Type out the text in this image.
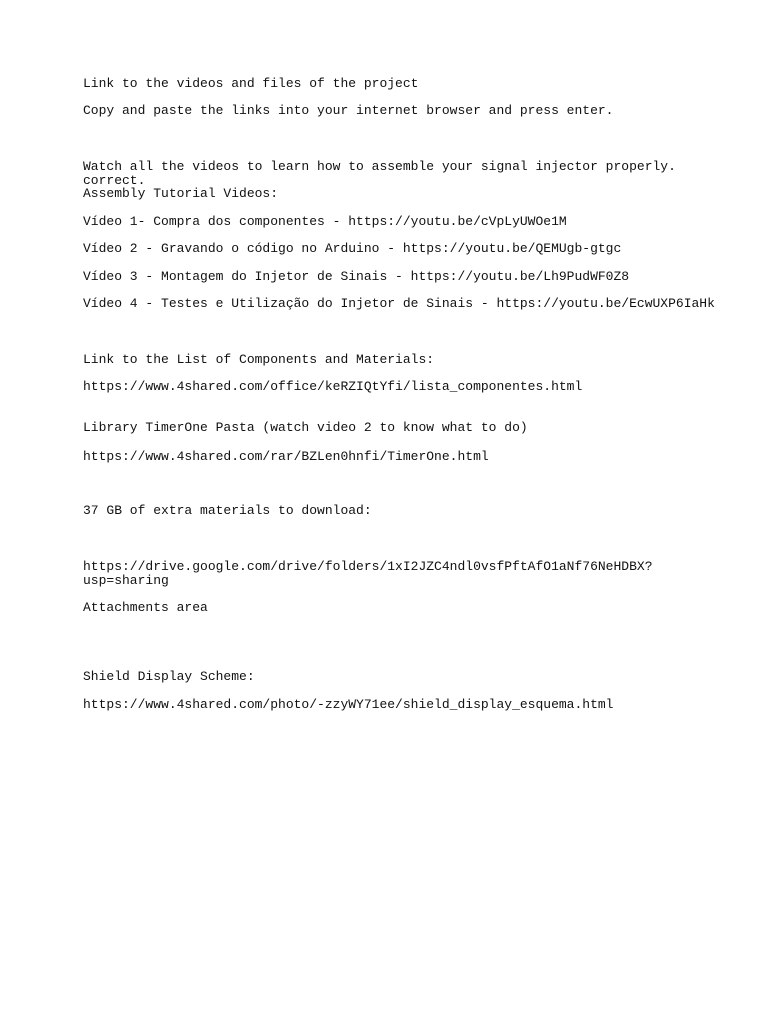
Link to the videos and files of the project

Copy and paste the links into your internet browser and press enter.

Watch all the videos to learn how to assemble your signal injector properly.
correct.

Assembly Tutorial Videos:

Vídeo 1- Compra dos componentes - https://youtu.be/cVpLyUWOe1M

Vídeo 2 - Gravando o código no Arduino - https://youtu.be/QEMUgb-gtgc

Vídeo 3 - Montagem do Injetor de Sinais - https://youtu.be/Lh9PudWF0Z8

Vídeo 4 - Testes e Utilização do Injetor de Sinais - https://youtu.be/EcwUXP6IaHk

Link to the List of Components and Materials:

https://www.4shared.com/office/keRZIQtYfi/lista_componentes.html

Library TimerOne Pasta (watch video 2 to know what to do)

https://www.4shared.com/rar/BZLen0hnfi/TimerOne.html

37 GB of extra materials to download:

https://drive.google.com/drive/folders/1xI2JZC4ndl0vsfPftAfO1aNf76NeHDBX?
usp=sharing

Attachments area

Shield Display Scheme:

https://www.4shared.com/photo/-zzyWY71ee/shield_display_esquema.html
